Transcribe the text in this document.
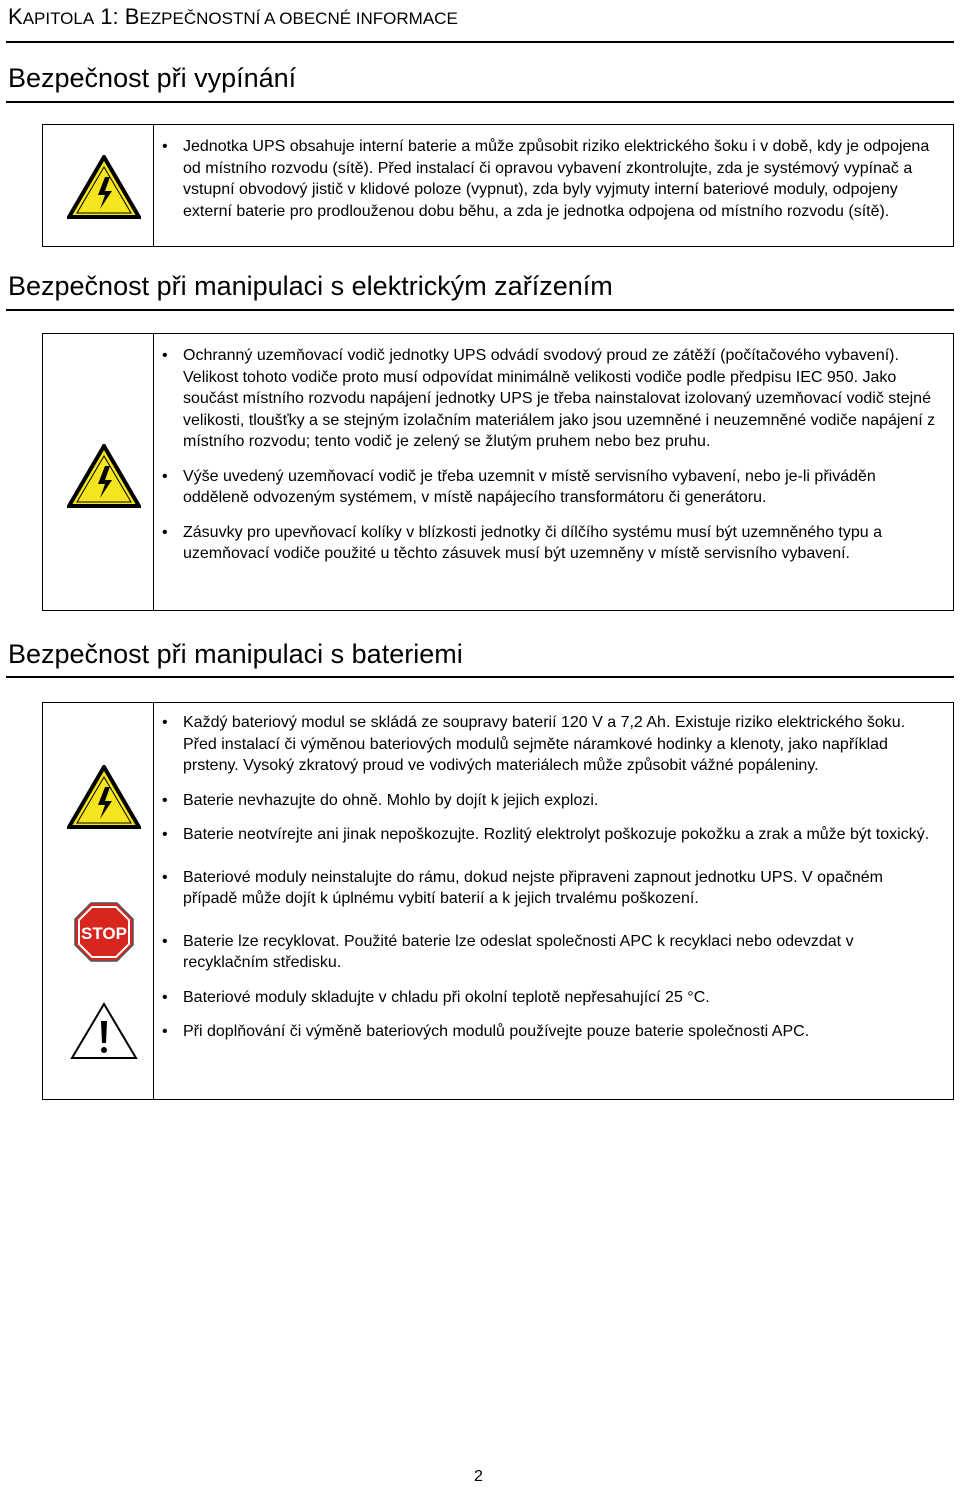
KAPITOLA 1: BEZPEČNOSTNÍ A OBECNÉ INFORMACE
Bezpečnost při vypínání

• Jednotka UPS obsahuje interní baterie a může způsobit riziko elektrického šoku i v době, kdy je odpojena od místního rozvodu (sítě). Před instalací či opravou vybavení zkontrolujte, zda je systémový vypínač a vstupní obvodový jistič v klidové poloze (vypnut), zda byly vyjmuty interní bateriové moduly, odpojeny externí baterie pro prodlouženou dobu běhu, a zda je jednotka odpojena od místního rozvodu (sítě).

Bezpečnost při manipulaci s elektrickým zařízením

• Ochranný uzemňovací vodič jednotky UPS odvádí svodový proud ze zátěží (počítačového vybavení). Velikost tohoto vodiče proto musí odpovídat minimálně velikosti vodiče podle předpisu IEC 950. Jako součást místního rozvodu napájení jednotky UPS je třeba nainstalovat izolovaný uzemňovací vodič stejné velikosti, tloušťky a se stejným izolačním materiálem jako jsou uzemněné i neuzemněné vodiče napájení z místního rozvodu; tento vodič je zelený se žlutým pruhem nebo bez pruhu.

• Výše uvedený uzemňovací vodič je třeba uzemnit v místě servisního vybavení, nebo je-li přiváděn odděleně odvozeným systémem, v místě napájecího transformátoru či generátoru.

• Zásuvky pro upevňovací kolíky v blízkosti jednotky či dílčího systému musí být uzemněného typu a uzemňovací vodiče použité u těchto zásuvek musí být uzemněny v místě servisního vybavení.

Bezpečnost při manipulaci s bateriemi
STOP

• Každý bateriový modul se skládá ze soupravy baterií 120 V a 7,2 Ah. Existuje riziko elektrického šoku. Před instalací či výměnou bateriových modulů sejměte náramkové hodinky a klenoty, jako například prsteny. Vysoký zkratový proud ve vodivých materiálech může způsobit vážné popáleniny.

• Baterie nevhazujte do ohně. Mohlo by dojít k jejich explozi.

• Baterie neotvírejte ani jinak nepoškozujte. Rozlitý elektrolyt poškozuje pokožku a zrak a může být toxický.

• Bateriové moduly neinstalujte do rámu, dokud nejste připraveni zapnout jednotku UPS. V opačném případě může dojít k úplnému vybití baterií a k jejich trvalému poškození.

• Baterie lze recyklovat. Použité baterie lze odeslat společnosti APC k recyklaci nebo odevzdat v recyklačním středisku.

• Bateriové moduly skladujte v chladu při okolní teplotě nepřesahující 25 °C.

• Při doplňování či výměně bateriových modulů používejte pouze baterie společnosti APC.

2
